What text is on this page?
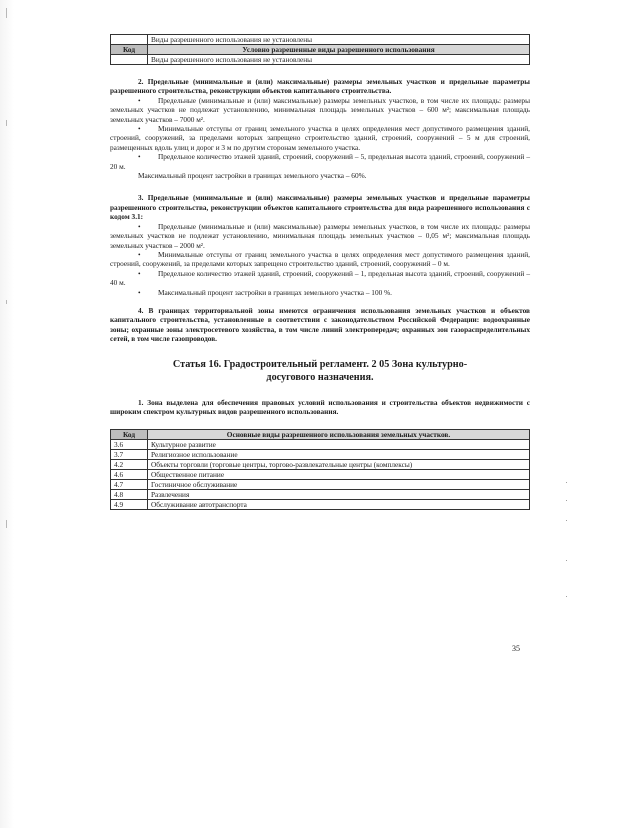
	Виды разрешенного использования не установлены
Код	Условно разрешенные виды разрешенного использования
	Виды разрешенного использования не установлены

2. Предельные (минимальные и (или) максимальные) размеры земельных участков и предельные параметры разрешенного строительства, реконструкции объектов капитального строительства.

• Предельные (минимальные и (или) максимальные) размеры земельных участков, в том числе их площадь: размеры земельных участков не подлежат установлению, минимальная площадь земельных участков – 600 м²; максимальная площадь земельных участков – 7000 м².

• Минимальные отступы от границ земельного участка в целях определения мест допустимого размещения зданий, строений, сооружений, за пределами которых запрещено строительство зданий, строений, сооружений – 5 м для строений, размещенных вдоль улиц и дорог и 3 м по другим сторонам земельного участка.

• Предельное количество этажей зданий, строений, сооружений – 5, предельная высота зданий, строений, сооружений – 20 м.

Максимальный процент застройки в границах земельного участка – 60%.

3. Предельные (минимальные и (или) максимальные) размеры земельных участков и предельные параметры разрешенного строительства, реконструкции объектов капитального строительства для вида разрешенного использования с кодом 3.1:

• Предельные (минимальные и (или) максимальные) размеры земельных участков, в том числе их площадь: размеры земельных участков не подлежат установлению, минимальная площадь земельных участков – 0,05 м²; максимальная площадь земельных участков – 2000 м².

• Минимальные отступы от границ земельного участка в целях определения мест допустимого размещения зданий, строений, сооружений, за пределами которых запрещено строительство зданий, строений, сооружений – 0 м.

• Предельное количество этажей зданий, строений, сооружений – 1, предельная высота зданий, строений, сооружений – 40 м.

• Максимальный процент застройки в границах земельного участка – 100 %.

4. В границах территориальной зоны имеются ограничения использования земельных участков и объектов капитального строительства, установленные в соответствии с законодательством Российской Федерации: водоохранные зоны; охранные зоны электросетевого хозяйства, в том числе линий электропередач; охранных зон газораспределительных сетей, в том числе газопроводов.

Статья 16. Градостроительный регламент. 2 05 Зона культурно-досугового назначения.

1. Зона выделена для обеспечения правовых условий использования и строительства объектов недвижимости с широким спектром культурных видов разрешенного использования.

Код	Основные виды разрешенного использования земельных участков.
3.6	Культурное развитие
3.7	Религиозное использование
4.2	Объекты торговли (торговые центры, торгово-развлекательные центры (комплексы)
4.6	Общественное питание
4.7	Гостиничное обслуживание
4.8	Развлечения
4.9	Обслуживание автотранспорта
35
